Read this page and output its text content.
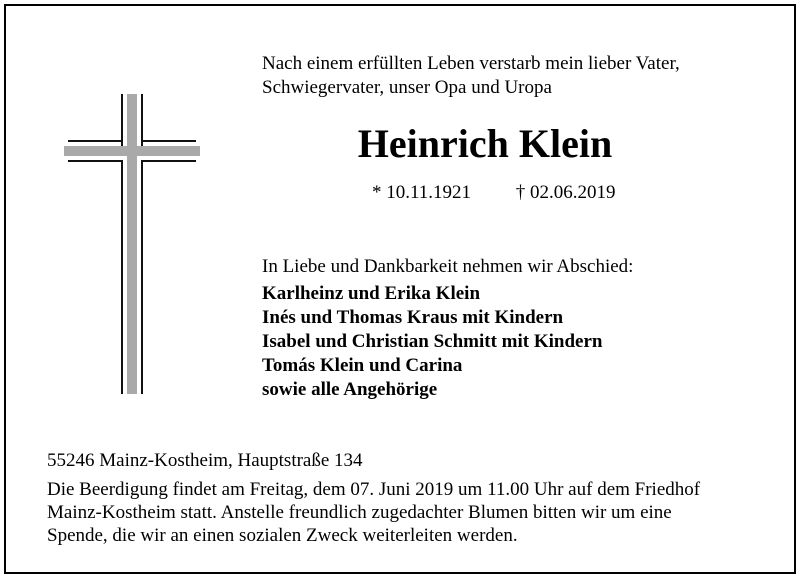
Nach einem erfüllten Leben verstarb mein lieber Vater,
Schwiegervater, unser Opa und Uropa
Heinrich Klein
* 10.11.1921 † 02.06.2019
In Liebe und Dankbarkeit nehmen wir Abschied:
Karlheinz und Erika Klein
Inés und Thomas Kraus mit Kindern
Isabel und Christian Schmitt mit Kindern
Tomás Klein und Carina
sowie alle Angehörige
55246 Mainz-Kostheim, Hauptstraße 134
Die Beerdigung findet am Freitag, dem 07. Juni 2019 um 11.00 Uhr auf dem Friedhof
Mainz-Kostheim statt. Anstelle freundlich zugedachter Blumen bitten wir um eine
Spende, die wir an einen sozialen Zweck weiterleiten werden.
